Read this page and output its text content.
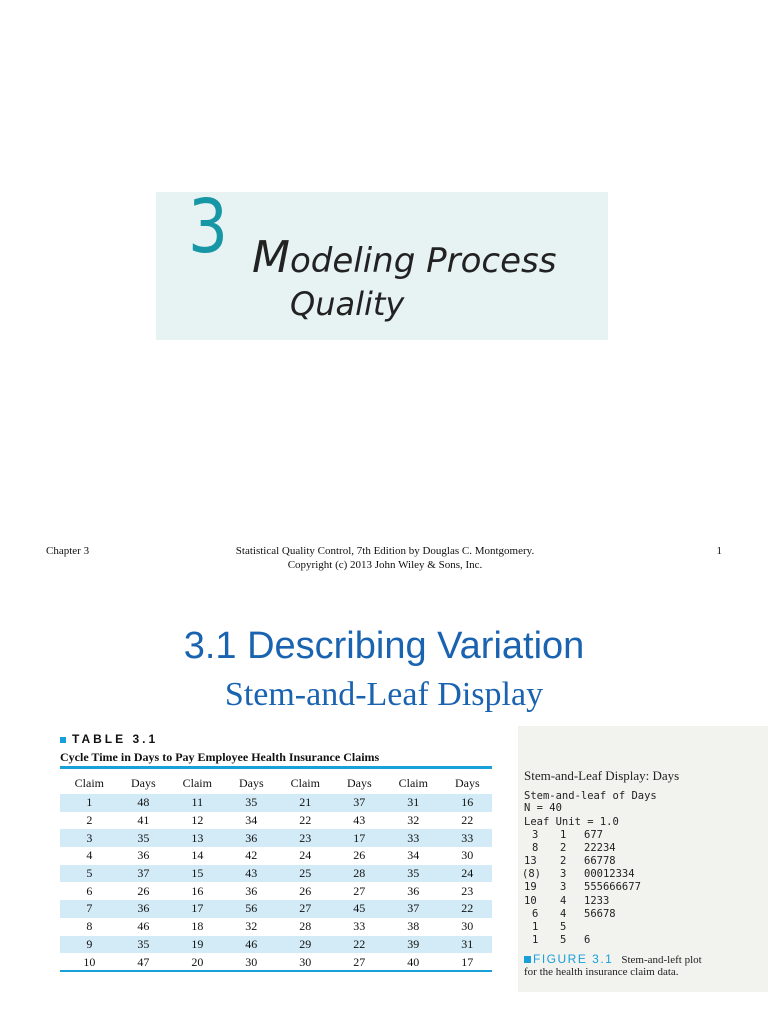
3 Modeling Process
Quality
Chapter 3	Statistical Quality Control, 7th Edition by Douglas C. Montgomery.
Copyright (c) 2013 John Wiley & Sons, Inc.
1
3.1 Describing Variation
Stem-and-Leaf Display
TABLE 3.1
Cycle Time in Days to Pay Employee Health Insurance Claims
Claim	Days	Claim	Days	Claim	Days	Claim	Days
1	48	11	35	21	37	31	16
2	41	12	34	22	43	32	22
3	35	13	36	23	17	33	33
4	36	14	42	24	26	34	30
5	37	15	43	25	28	35	24
6	26	16	36	26	27	36	23
7	36	17	56	27	45	37	22
8	46	18	32	28	33	38	30
9	35	19	46	29	22	39	31
10	47	20	30	30	27	40	17
Stem-and-Leaf Display: Days
Stem-and-leaf of Days
N = 40
Leaf Unit = 1.0
3 1 677
8 2 22234
13 2 66778
(8) 3 00012334
19 3 555666677
10 4 1233
6 4 56678
1 5
1 5 6
FIGURE 3.1 Stem-and-left plot
for the health insurance claim data.
